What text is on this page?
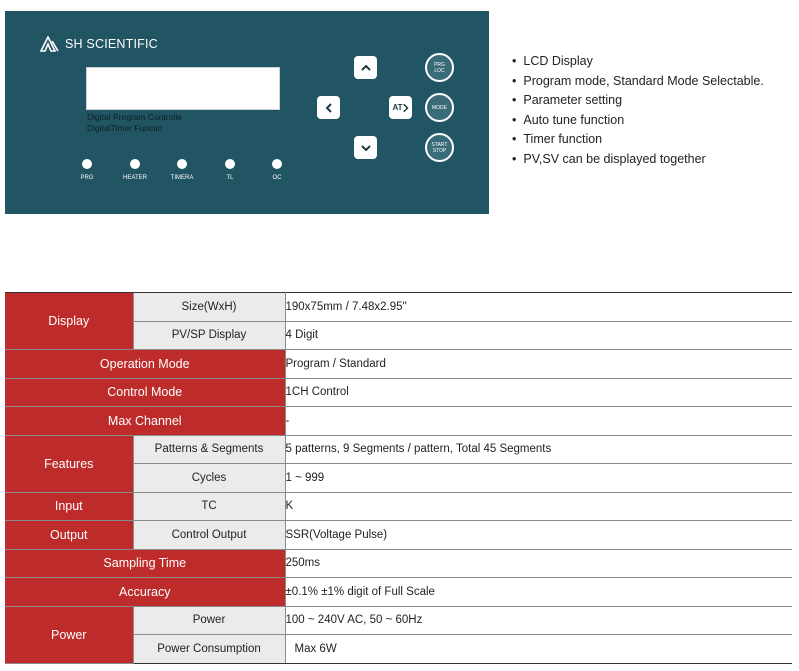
SH SCIENTIFIC
Digital Program Controlle
DigitalTimer Functio
PRG	HEATER	TIMERA	TL	OC
AT
PRG
LOC
MODE
START
STOP
• LCD Display
• Program mode, Standard Mode Selectable.
• Parameter setting
• Auto tune function
• Timer function
• PV,SV can be displayed together
Display	Size(WxH)	190x75mm / 7.48x2.95''
	PV/SP Display	4 Digit
Operation Mode		Program / Standard
Control Mode		1CH Control
Max Channel		-
Features	Patterns & Segments	5 patterns, 9 Segments / pattern, Total 45 Segments
	Cycles	1 ~ 999
Input	TC	K
Output	Control Output	SSR(Voltage Pulse)
Sampling Time		250ms
Accuracy		±0.1% ±1% digit of Full Scale
Power	Power	100 ~ 240V AC, 50 ~ 60Hz
	Power Consumption	Max 6W
